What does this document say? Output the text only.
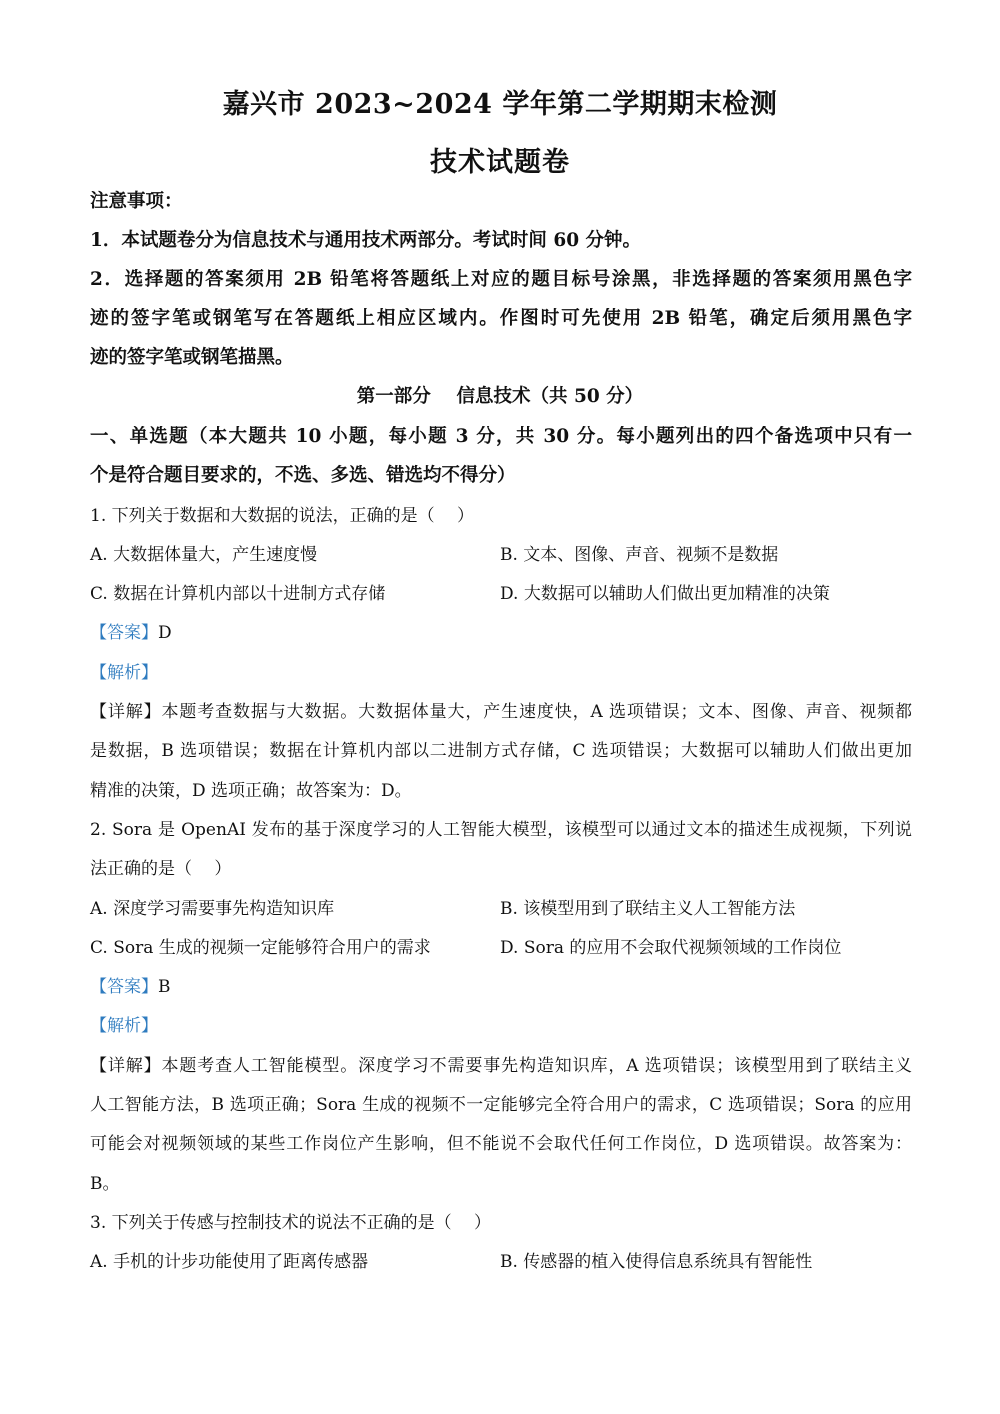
嘉兴市 2023~2024 学年第二学期期末检测
技术试题卷

注意事项：

1．本试题卷分为信息技术与通用技术两部分。考试时间 60 分钟。

2．选择题的答案须用 2B 铅笔将答题纸上对应的题目标号涂黑，非选择题的答案须用黑色字

迹的签字笔或钢笔写在答题纸上相应区域内。作图时可先使用 2B 铅笔，确定后须用黑色字

迹的签字笔或钢笔描黑。

第一部分    信息技术（共 50 分）

一、单选题（本大题共 10 小题，每小题 3 分，共 30 分。每小题列出的四个备选项中只有一

个是符合题目要求的，不选、多选、错选均不得分）

1. 下列关于数据和大数据的说法，正确的是（　 ）

A. 大数据体量大，产生速度慢	B. 文本、图像、声音、视频不是数据

C. 数据在计算机内部以十进制方式存储	D. 大数据可以辅助人们做出更加精准的决策

【答案】D

【解析】

【详解】本题考查数据与大数据。大数据体量大，产生速度快，A 选项错误；文本、图像、声音、视频都

是数据，B 选项错误；数据在计算机内部以二进制方式存储，C 选项错误；大数据可以辅助人们做出更加

精准的决策，D 选项正确；故答案为：D。

2. Sora 是 OpenAI 发布的基于深度学习的人工智能大模型，该模型可以通过文本的描述生成视频，下列说

法正确的是（　 ）

A. 深度学习需要事先构造知识库	B. 该模型用到了联结主义人工智能方法

C. Sora 生成的视频一定能够符合用户的需求	D. Sora 的应用不会取代视频领域的工作岗位

【答案】B

【解析】

【详解】本题考查人工智能模型。深度学习不需要事先构造知识库，A 选项错误；该模型用到了联结主义

人工智能方法，B 选项正确；Sora 生成的视频不一定能够完全符合用户的需求，C 选项错误；Sora 的应用

可能会对视频领域的某些工作岗位产生影响，但不能说不会取代任何工作岗位，D 选项错误。故答案为：

B。

3. 下列关于传感与控制技术的说法不正确的是（　 ）

A. 手机的计步功能使用了距离传感器	B. 传感器的植入使得信息系统具有智能性
